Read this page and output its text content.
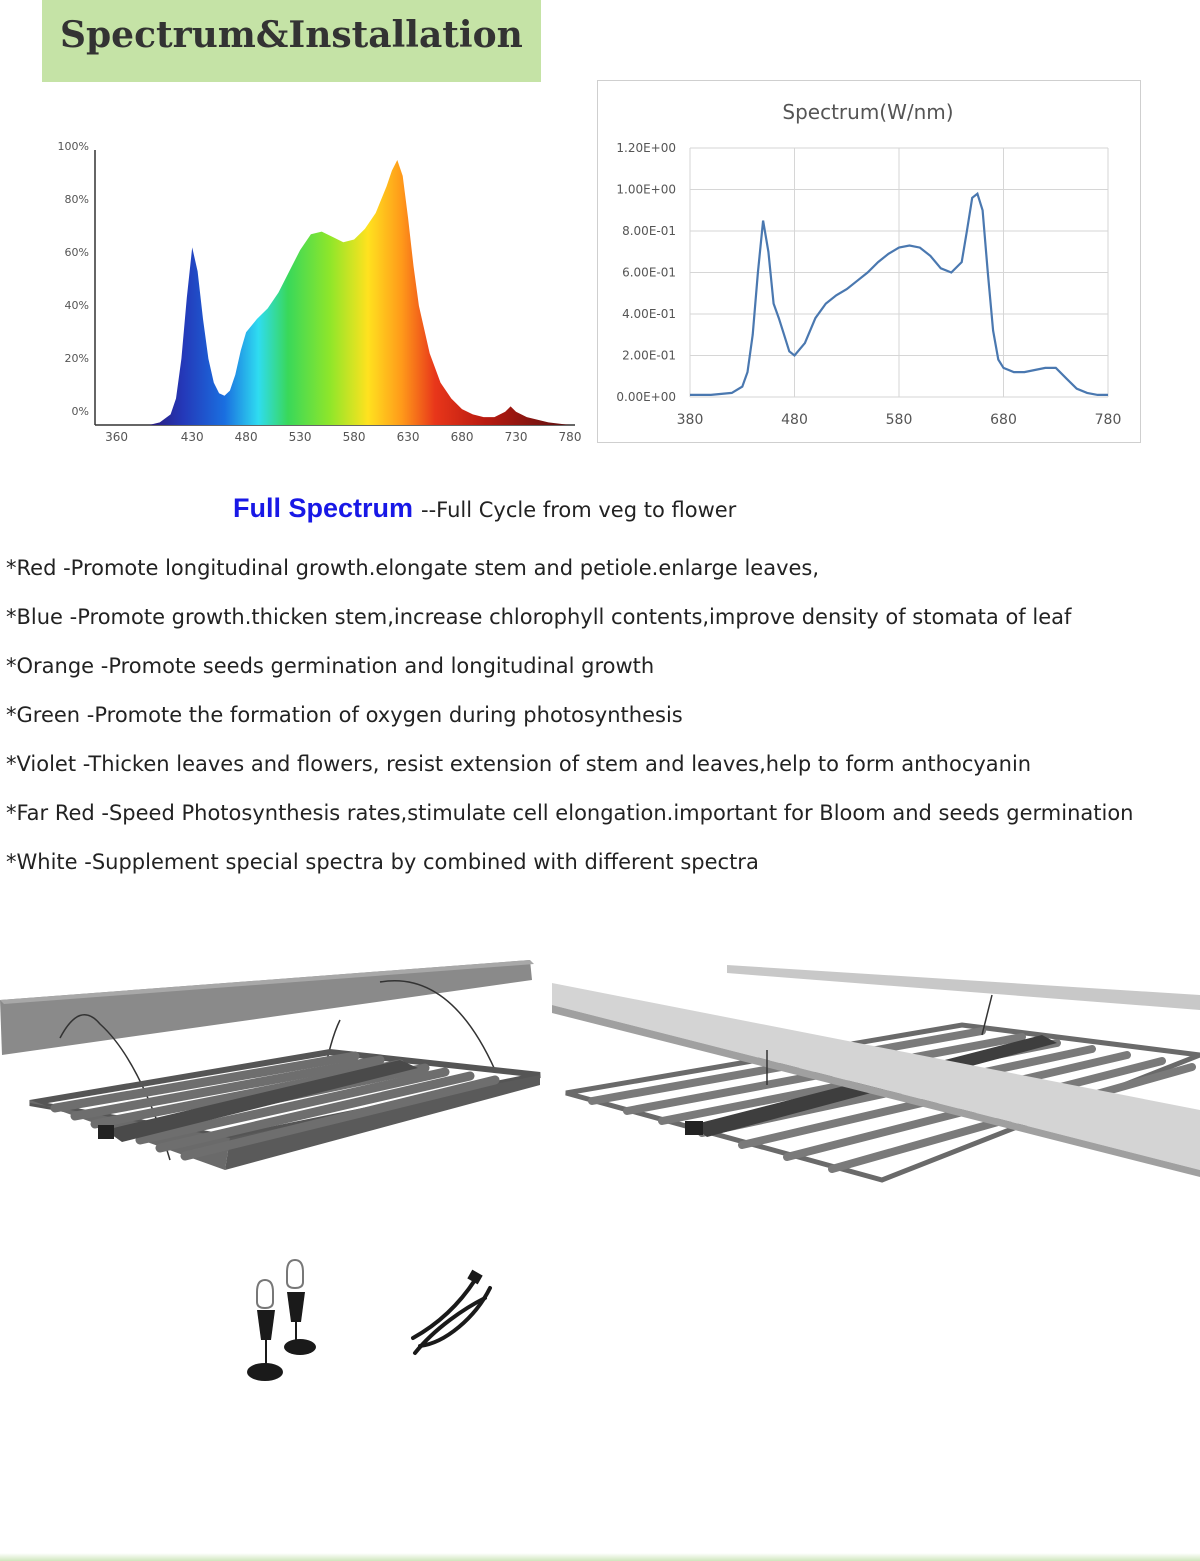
Spectrum&Installation
360	430	480	530	580	630	680	730	780
0%
20%
40%
60%
80%
100%
Spectrum(W/nm)
380	480	580	680	780
0.00E+00
2.00E-01
4.00E-01
6.00E-01
8.00E-01
1.00E+00
1.20E+00
Full Spectrum --Full Cycle from veg to flower
*Red -Promote longitudinal growth.elongate stem and petiole.enlarge leaves,
*Blue -Promote growth.thicken stem,increase chlorophyll contents,improve density of stomata of leaf
*Orange -Promote seeds germination and longitudinal growth
*Green -Promote the formation of oxygen during photosynthesis
*Violet -Thicken leaves and flowers, resist extension of stem and leaves,help to form anthocyanin
*Far Red -Speed Photosynthesis rates,stimulate cell elongation.important for Bloom and seeds germination
*White -Supplement special spectra by combined with different spectra
